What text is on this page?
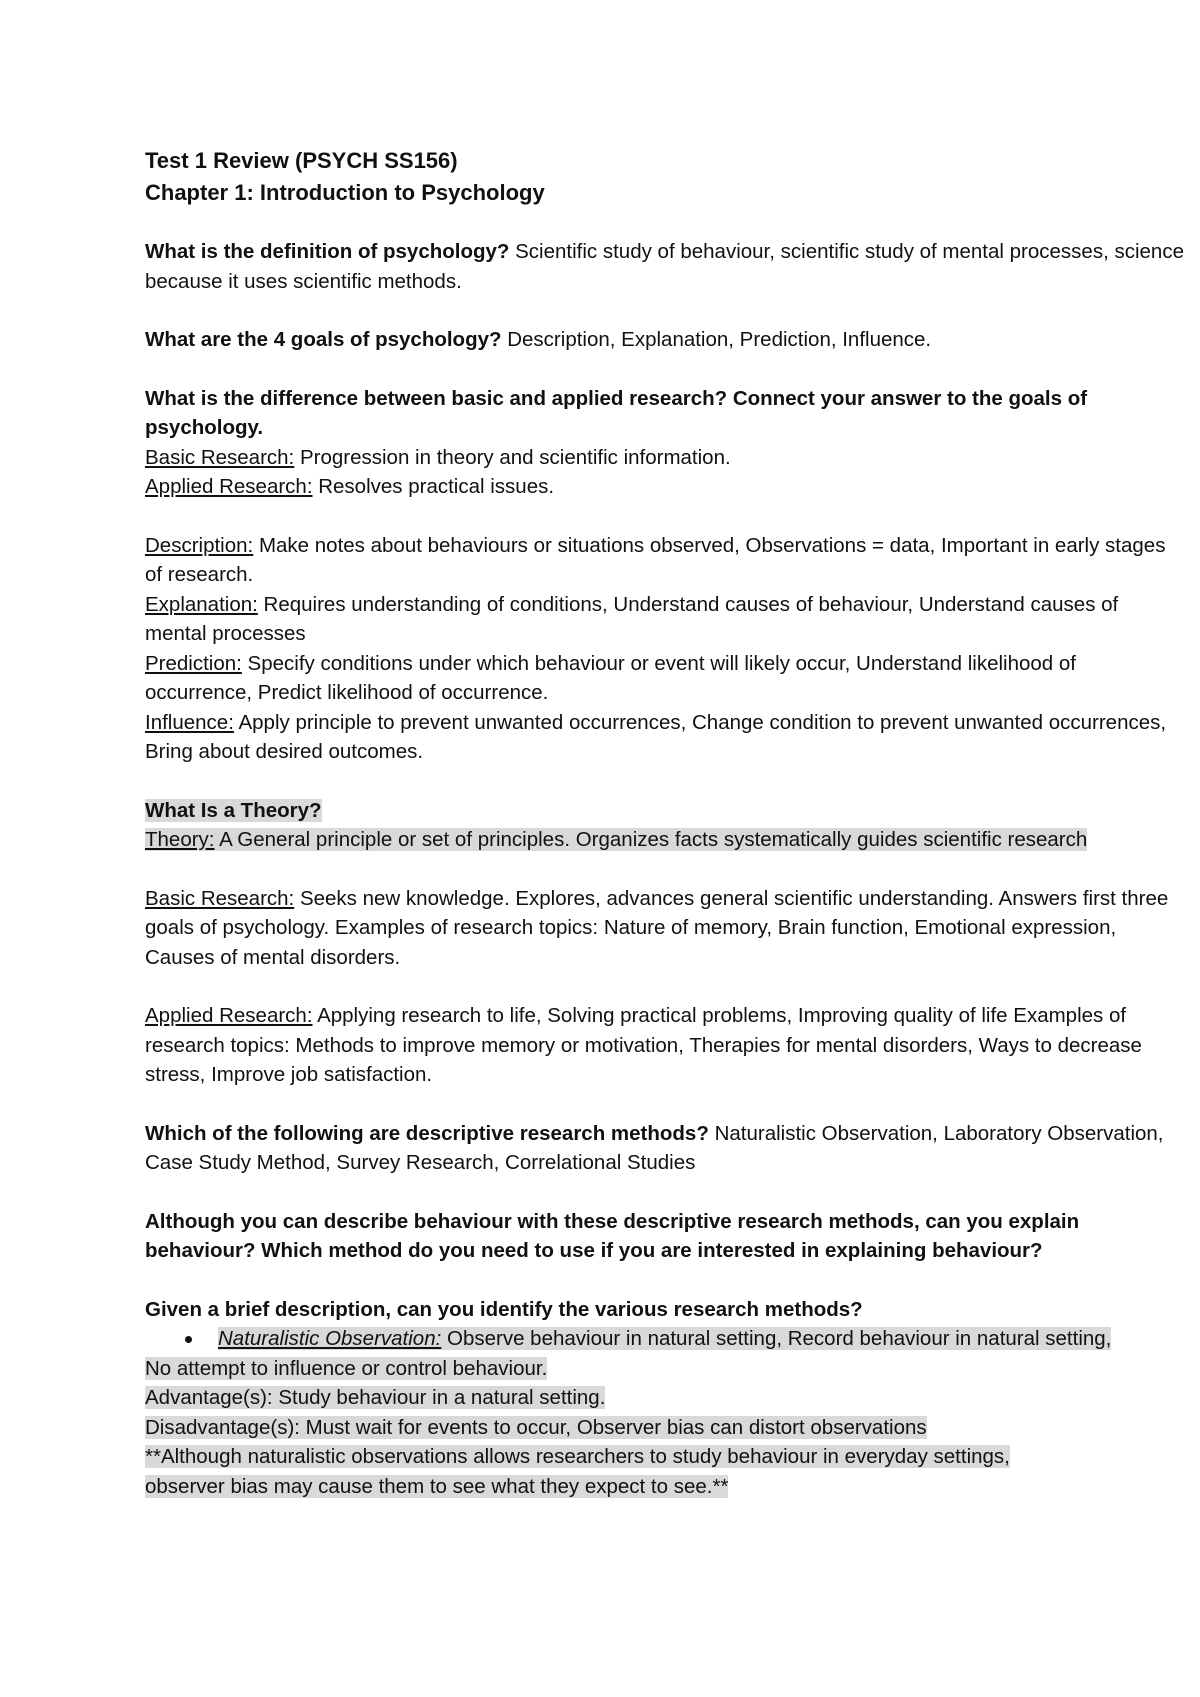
Test 1 Review (PSYCH SS156)

Chapter 1: Introduction to Psychology

What is the definition of psychology? Scientific study of behaviour, scientific study of mental processes, science because it uses scientific methods.

What are the 4 goals of psychology? Description, Explanation, Prediction, Influence.

What is the difference between basic and applied research? Connect your answer to the goals of psychology.

Basic Research: Progression in theory and scientific information.

Applied Research: Resolves practical issues.

Description: Make notes about behaviours or situations observed, Observations = data, Important in early stages of research.

Explanation: Requires understanding of conditions, Understand causes of behaviour, Understand causes of mental processes

Prediction: Specify conditions under which behaviour or event will likely occur, Understand likelihood of occurrence, Predict likelihood of occurrence.

Influence: Apply principle to prevent unwanted occurrences, Change condition to prevent unwanted occurrences, Bring about desired outcomes.

What Is a Theory?

Theory: A General principle or set of principles. Organizes facts systematically guides scientific research

Basic Research: Seeks new knowledge. Explores, advances general scientific understanding. Answers first three goals of psychology. Examples of research topics: Nature of memory, Brain function, Emotional expression, Causes of mental disorders.

Applied Research: Applying research to life, Solving practical problems, Improving quality of life Examples of research topics: Methods to improve memory or motivation, Therapies for mental disorders, Ways to decrease stress, Improve job satisfaction.

Which of the following are descriptive research methods? Naturalistic Observation, Laboratory Observation, Case Study Method, Survey Research, Correlational Studies

Although you can describe behaviour with these descriptive research methods, can you explain behaviour? Which method do you need to use if you are interested in explaining behaviour?

Given a brief description, can you identify the various research methods?

Naturalistic Observation: Observe behaviour in natural setting, Record behaviour in natural setting,

No attempt to influence or control behaviour.

Advantage(s): Study behaviour in a natural setting.

Disadvantage(s): Must wait for events to occur, Observer bias can distort observations

**Although naturalistic observations allows researchers to study behaviour in everyday settings,

observer bias may cause them to see what they expect to see.**
